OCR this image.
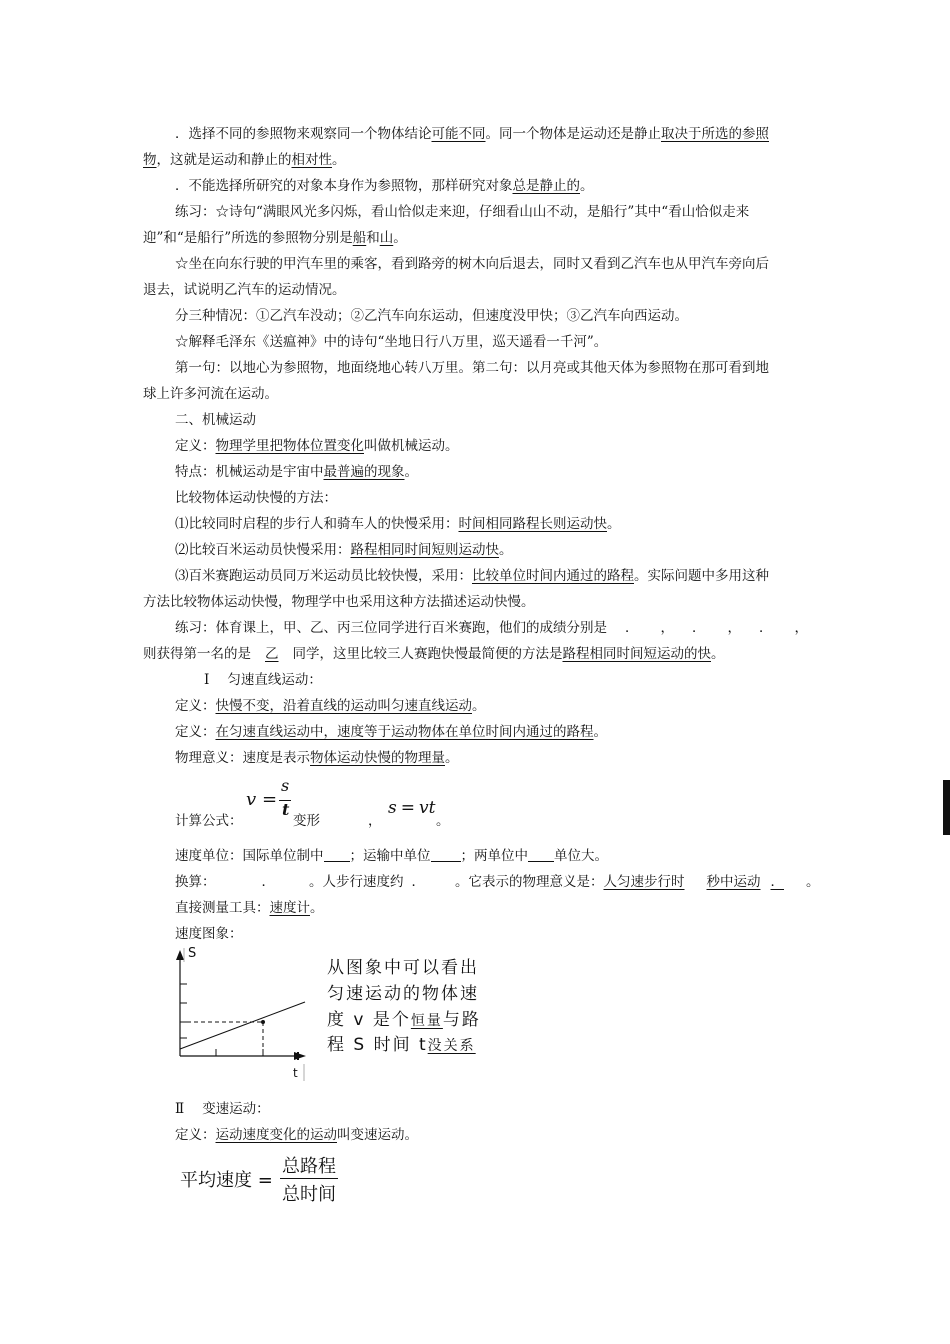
．选择不同的参照物来观察同一个物体结论可能不同。同一个物体是运动还是静止取决于所选的参照
物，这就是运动和静止的相对性。
．不能选择所研究的对象本身作为参照物，那样研究对象总是静止的。
练习：☆诗句“满眼风光多闪烁，看山恰似走来迎，仔细看山山不动，是船行”其中“看山恰似走来
迎”和“是船行”所选的参照物分别是船和山。
☆坐在向东行驶的甲汽车里的乘客，看到路旁的树木向后退去，同时又看到乙汽车也从甲汽车旁向后
退去，试说明乙汽车的运动情况。
分三种情况：①乙汽车没动；②乙汽车向东运动，但速度没甲快；③乙汽车向西运动。
☆解释毛泽东《送瘟神》中的诗句“坐地日行八万里，巡天遥看一千河”。
第一句：以地心为参照物，地面绕地心转八万里。第二句：以月亮或其他天体为参照物在那可看到地
球上许多河流在运动。
二、机械运动
定义：物理学里把物体位置变化叫做机械运动。
特点：机械运动是宇宙中最普遍的现象。
比较物体运动快慢的方法：
⑴比较同时启程的步行人和骑车人的快慢采用：时间相同路程长则运动快。
⑵比较百米运动员快慢采用：路程相同时间短则运动快。
⑶百米赛跑运动员同万米运动员比较快慢，采用：比较单位时间内通过的路程。实际问题中多用这种
方法比较物体运动快慢，物理学中也采用这种方法描述运动快慢。
练习：体育课上，甲、乙、丙三位同学进行百米赛跑，他们的成绩分别是 ． ， ． ， ． ，
则获得第一名的是 乙 同学，这里比较三人赛跑快慢最简便的方法是路程相同时间短运动的快。
Ⅰ 匀速直线运动：
定义：快慢不变，沿着直线的运动叫匀速直线运动。
定义：在匀速直线运动中，速度等于运动物体在单位时间内通过的路程。
物理意义：速度是表示物体运动快慢的物理量。
计算公式：
v =
s
t
变形	，
s = vt
。
速度单位：国际单位制中 ；运输中单位 ；两单位中 单位大。
换算：	．	。人步行速度约 ． 。它表示的物理意义是：人匀速步行时 秒中运动 ． 。
直接测量工具：速度计。
速度图象：
S
t
从图象中可以看出
匀速运动的物体速
度 v 是个恒量与路
程 S 时间 t没关系
Ⅱ 变速运动：
定义：运动速度变化的运动叫变速运动。
平均速度 =
总路程
总时间
